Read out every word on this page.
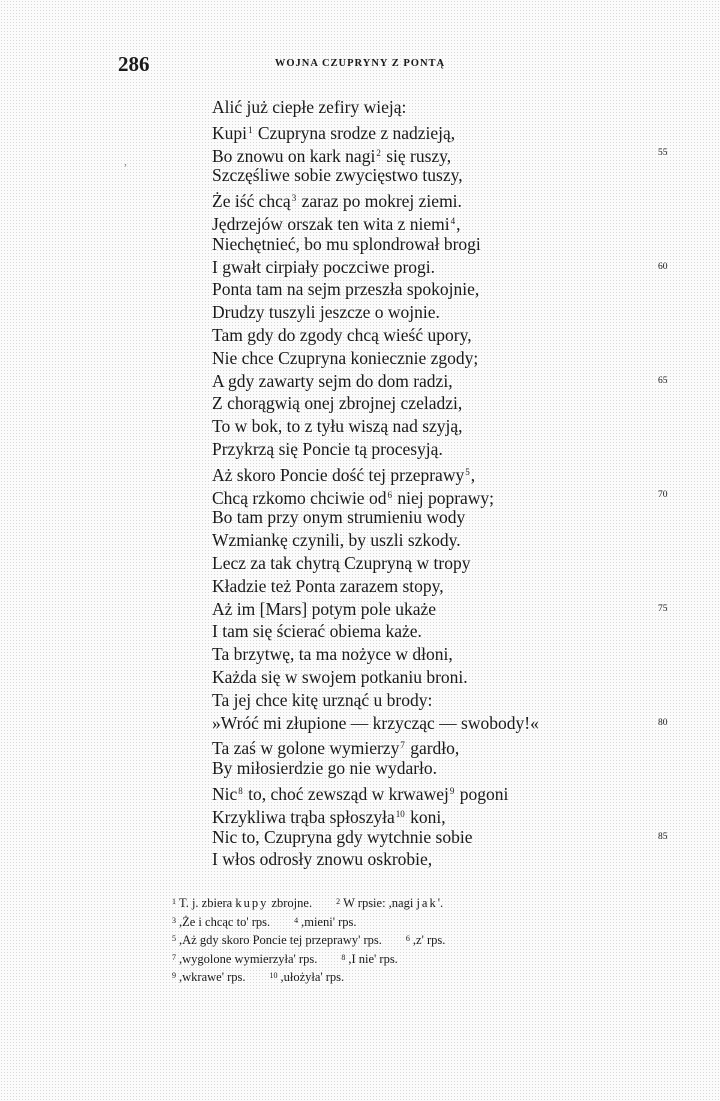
286	WOJNA CZUPRYNY Z PONTĄ
,
Alić już ciepłe zefiry wieją:
Kupi$^1$ Czupryna srodze z nadzieją,
Bo znowu on kark nagi$^2$ się ruszy,	55
Szczęśliwe sobie zwycięstwo tuszy,
Że iść chcą$^3$ zaraz po mokrej ziemi.
Jędrzejów orszak ten wita z niemi$^4$,
Niechętnieć, bo mu splondrował brogi
I gwałt cirpiały poczciwe progi.	60
Ponta tam na sejm przeszła spokojnie,
Drudzy tuszyli jeszcze o wojnie.
Tam gdy do zgody chcą wieść upory,
Nie chce Czupryna koniecznie zgody;
A gdy zawarty sejm do dom radzi,	65
Z chorągwią onej zbrojnej czeladzi,
To w bok, to z tyłu wiszą nad szyją,
Przykrzą się Poncie tą procesyją.
Aż skoro Poncie dość tej przeprawy$^5$,
Chcą rzkomo chciwie od$^6$ niej poprawy;	70
Bo tam przy onym strumieniu wody
Wzmiankę czynili, by uszli szkody.
Lecz za tak chytrą Czupryną w tropy
Kładzie też Ponta zarazem stopy,
Aż im [Mars] potym pole ukaże	75
I tam się ścierać obiema każe.
Ta brzytwę, ta ma nożyce w dłoni,
Każda się w swojem potkaniu broni.
Ta jej chce kitę urznąć u brody:
»Wróć mi złupione — krzycząc — swobody!«	80
Ta zaś w golone wymierzy$^7$ gardło,
By miłosierdzie go nie wydarło.
Nic$^8$ to, choć zewsząd w krwawej$^9$ pogoni
Krzykliwa trąba spłoszyła$^{10}$ koni,
Nic to, Czupryna gdy wytchnie sobie	85
I włos odrosły znowu oskrobie,
$^1$ T. j. zbiera kupy zbrojne.	$^2$ W rpsie: ,nagi jak'.
$^3$ ,Że i chcąc to' rps.	$^4$ ,mieni' rps.
$^5$ ,Aż gdy skoro Poncie tej przeprawy' rps.	$^6$ ,z' rps.
$^7$ ,wygolone wymierzyła' rps.	$^8$ ,I nie' rps.
$^9$ ,wkrawe' rps.	$^{10}$ ,ułożyła' rps.
